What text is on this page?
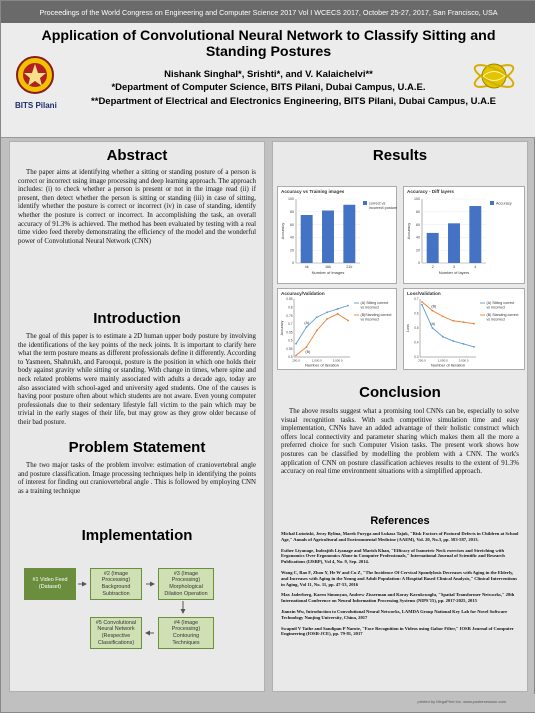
Proceedings of the World Congress on Engineering and Computer Science 2017 Vol I WCECS 2017, October 25-27, 2017, San Francisco, USA
BITS Pilani
Application of Convolutional Neural Network to Classify Sitting and Standing Postures
Nishank Singhal*, Srishti*, and V. Kalaichelvi**
*Department of Computer Science, BITS Pilani, Dubai Campus, U.A.E.
**Department of Electrical and Electronics Engineering, BITS Pilani, Dubai Campus, U.A.E
Abstract

The paper aims at identifying whether a sitting or standing posture of a person is correct or incorrect using image processing and deep learning approach. The approach includes: (i) to check whether a person is present or not in the image read (ii) if present, then detect whether the person is sitting or standing (iii) in case of sitting, identify whether the posture is correct or incorrect (iv) in case of standing, identify whether the posture is correct or incorrect. In accomplishing the task, an overall accuracy of 91.3% is achieved. The method has been evaluated by testing with a real time video feed thereby demonstrating the efficiency of the model and the wonderful power of Convolutional Neural Network (CNN)

Introduction

The goal of this paper is to estimate a 2D human upper body posture by involving the identifications of the key points of the neck joints. It is important to clarify here what the term posture means as different professionals define it differently. According to Yasmeen, Shahrukh, and Farooqui, posture is the position in which one holds their body against gravity while sitting or standing. With change in times, where spine and neck related problems were mainly associated with adults a decade ago, today are also associated with school-aged and university aged students. One of the causes is having poor posture often about which students are not aware. Even young computer professionals due to their sedentary lifestyle fall victim to the pain which may be trivial in the early stages of their life, but may grow as they grow older because of their bad posture.

Problem Statement

The two major tasks of the problem involve: estimation of craniovertebral angle and posture classification. Image processing techniques help in identifying the points of interest for finding out craniovertebral angle . This is followed by employing CNN as a training technique

Implementation
#1 Video Feed (Dataset)
#2 (Image Processing) Background Subtraction
#3 (Image Processing) Morphological Dilation Operation
#5 Convolutional Neural Network (Respective Classifications)
#4 (Image Processing) Contouring Techniques
Results
Accuracy vs Training images
0
20
40
60
80
100
4k	16k	21k
Number of images
Accuracy
correct vs incorrect posture
Accuracy - Diff layers
0
20
40
60
80
100
2	3	4
Number of layers
Accuracy
Accuracy
Accuracy/Validation
0.5
0.55
0.6
0.65
0.7
0.75
0.8
0.85
200.0	1,000.0	3,000.0
(A)
(B)
Number of iteration
Accuracy
(A) Sitting correct vs incorrect
(B)Standing correct vs incorrect
Loss/Validation
0.3
0.4
0.5
0.6
0.7
200.0	1,000.0	3,000.0
(A)
(B)
Number of iteration
Loss
(A) Sitting correct vs incorrect
(B) Standing correct vs incorrect
Conclusion

The above results suggest what a promising tool CNNs can be, especially to solve visual recognition tasks. With such competitive simulation time and easy implementation, CNNs have an added advantage of their holistic construct which offers local connectivity and parameter sharing which makes them all the more a preferred choice for such Computer Vision tasks. The present work shows how postures can be classified by modelling the problem with a CNN. The work's application of CNN on posture classification achieves results to the extent of 91.3% accuracy on real time environment situations with a simplified approach.

References
Michał Lutoński, Jerzy Bylina, Marek Furyga and Łukasz Tajak, "Risk Factors of Postural Defects in Children at School Age," Annals of Agricultural and Environmental Medicine (AAEM), Vol. 20, No.3, pp. 583-587, 2013.
Esther Liyanage, Indrajith Liyanage and Marish Khan, "Efficacy of Isometric Neck exercises and Stretching with Ergonomics Over Ergonomics Alone in Computer Professionals," International Journal of Scientific and Research Publications (IJSRP), Vol 4, No. 9, Sep. 2014.
Wang C, Rao F, Zhou Y, He W and Cu Z, "The Incidence Of Cervical Spondylosis Decreases with Aging in the Elderly, and Increases with Aging in the Young and Adult Population: A Hospital Based Clinical Analysis," Clinical Interventions in Aging, Vol 11, No. 11, pp. 47-53, 2016
Max Jaderberg, Karen Simonyan, Andrew Zisserman and Koray Kavukcuoglu, "Spatial Transformer Networks," 28th International Conference on Neural Information Processing Systems (NIPS'15), pp. 2017-2025, 2015
Jianxin Wu, Introduction to Convolutional Neural Networks, LAMDA Group National Key Lab for Novel Software Technology Nanjing University, China, 2017
Swapnil V Tathe and Sandipan P Narote, "Face Recognition in Videos using Gabor Filter," IOSR Journal of Computer Engineering (IOSR-JCE), pp. 79-81, 2017
printed by MegaPrint Inc. www.postersession.com
